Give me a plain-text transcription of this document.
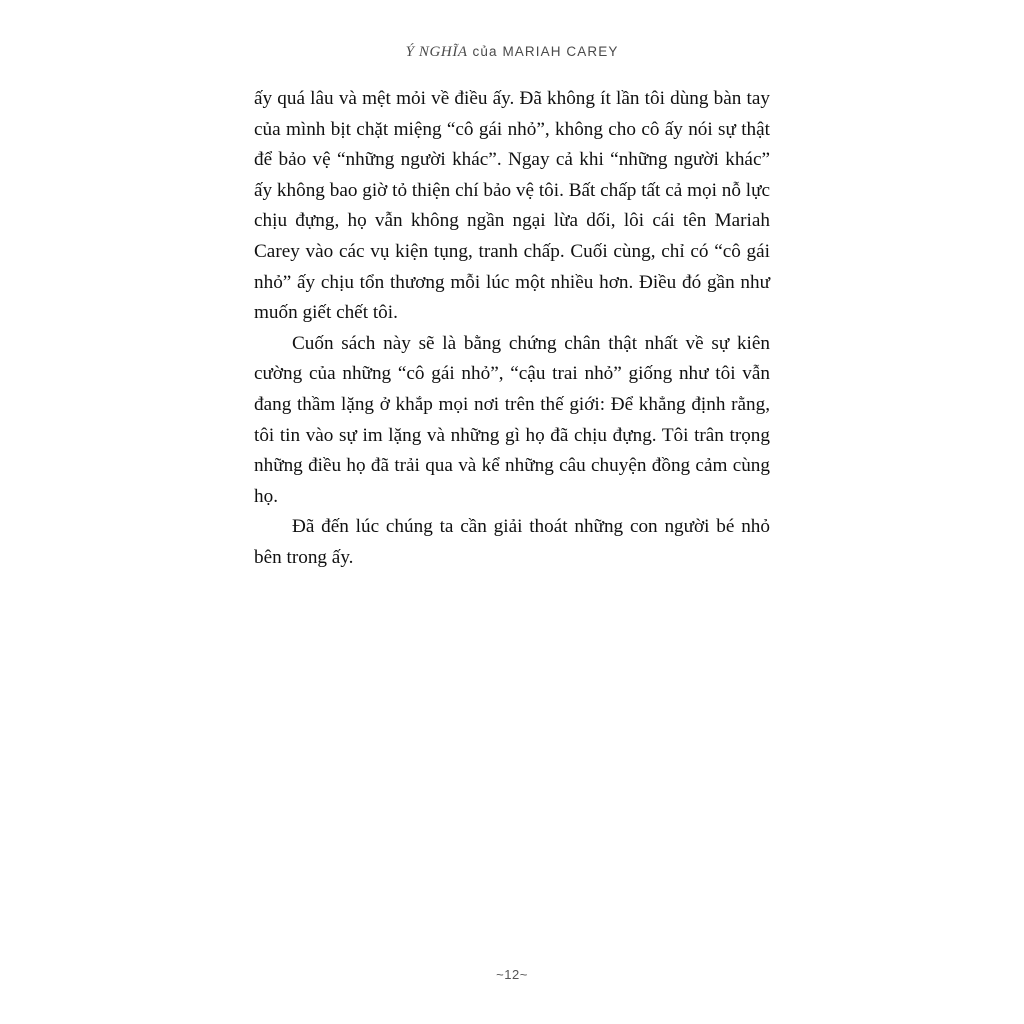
Ý NGHĨA của MARIAH CAREY

ấy quá lâu và mệt mỏi về điều ấy. Đã không ít lần tôi dùng bàn tay của mình bịt chặt miệng “cô gái nhỏ”, không cho cô ấy nói sự thật để bảo vệ “những người khác”. Ngay cả khi “những người khác” ấy không bao giờ tỏ thiện chí bảo vệ tôi. Bất chấp tất cả mọi nỗ lực chịu đựng, họ vẫn không ngần ngại lừa dối, lôi cái tên Mariah Carey vào các vụ kiện tụng, tranh chấp. Cuối cùng, chỉ có “cô gái nhỏ” ấy chịu tổn thương mỗi lúc một nhiều hơn. Điều đó gần như muốn giết chết tôi.

Cuốn sách này sẽ là bằng chứng chân thật nhất về sự kiên cường của những “cô gái nhỏ”, “cậu trai nhỏ” giống như tôi vẫn đang thầm lặng ở khắp mọi nơi trên thế giới: Để khẳng định rằng, tôi tin vào sự im lặng và những gì họ đã chịu đựng. Tôi trân trọng những điều họ đã trải qua và kể những câu chuyện đồng cảm cùng họ.

Đã đến lúc chúng ta cần giải thoát những con người bé nhỏ bên trong ấy.

~12~
